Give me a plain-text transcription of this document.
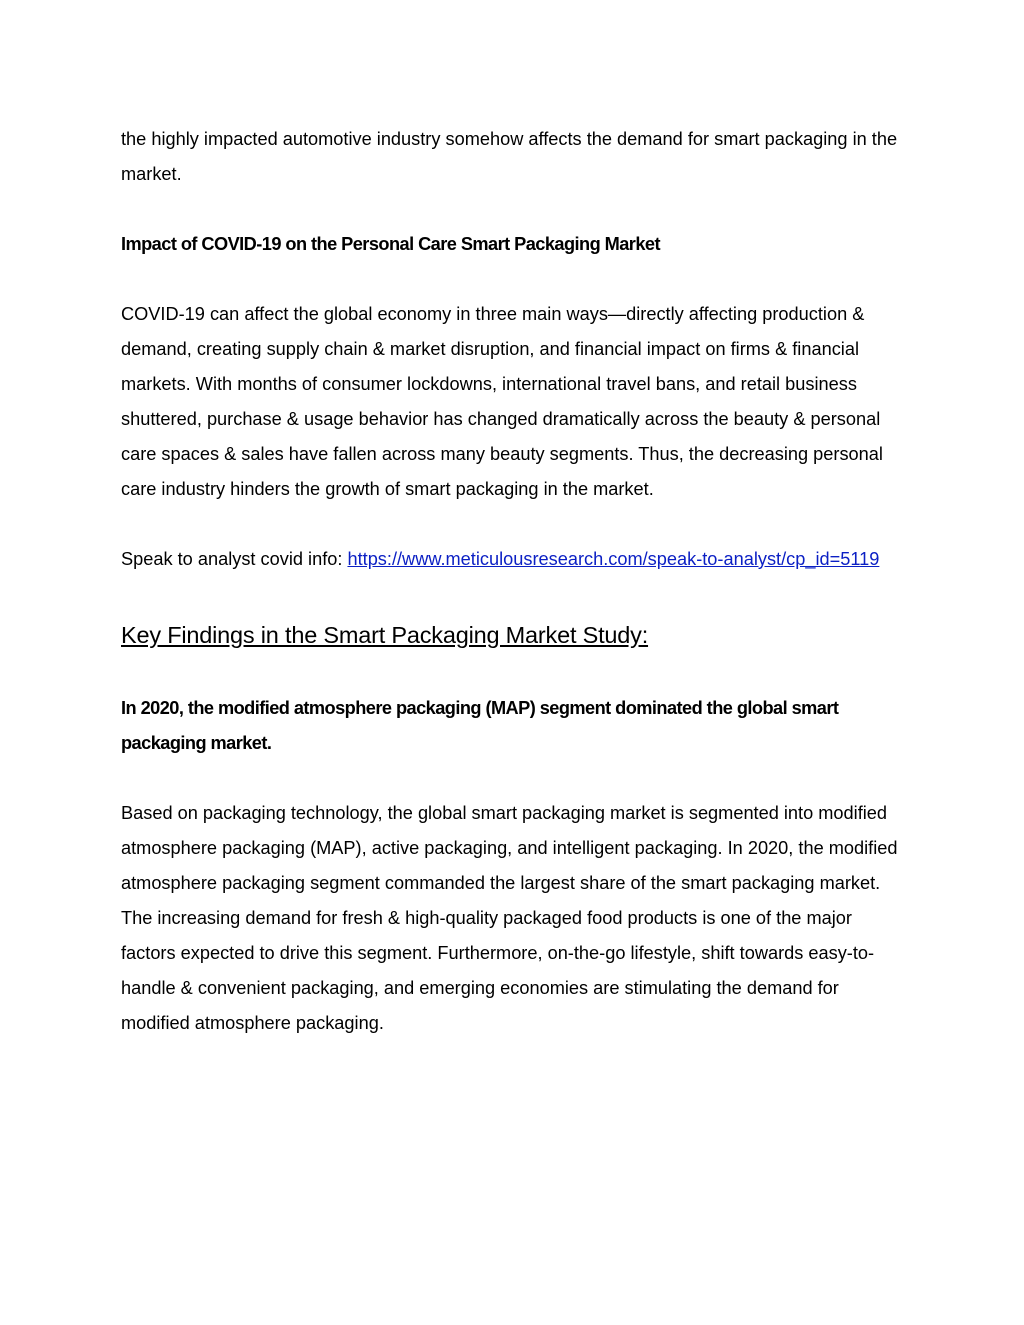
the highly impacted automotive industry somehow affects the demand for smart packaging in the market.

Impact of COVID-19 on the Personal Care Smart Packaging Market

COVID-19 can affect the global economy in three main ways—directly affecting production & demand, creating supply chain & market disruption, and financial impact on firms & financial markets. With months of consumer lockdowns, international travel bans, and retail business shuttered, purchase & usage behavior has changed dramatically across the beauty & personal care spaces & sales have fallen across many beauty segments. Thus, the decreasing personal care industry hinders the growth of smart packaging in the market.

Speak to analyst covid info: https://www.meticulousresearch.com/speak-to-analyst/cp_id=5119

Key Findings in the Smart Packaging Market Study:

In 2020, the modified atmosphere packaging (MAP) segment dominated the global smart packaging market.

Based on packaging technology, the global smart packaging market is segmented into modified atmosphere packaging (MAP), active packaging, and intelligent packaging. In 2020, the modified atmosphere packaging segment commanded the largest share of the smart packaging market. The increasing demand for fresh & high-quality packaged food products is one of the major factors expected to drive this segment. Furthermore, on-the-go lifestyle, shift towards easy-to-handle & convenient packaging, and emerging economies are stimulating the demand for modified atmosphere packaging.
